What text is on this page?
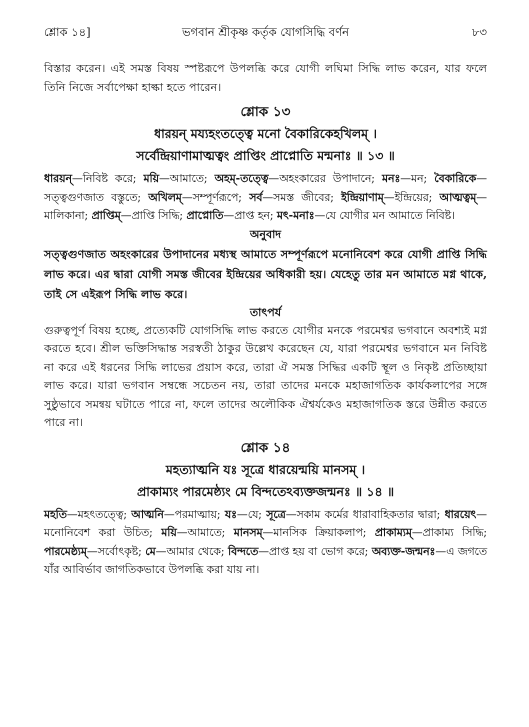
শ্লোক ১৪]	ভগবান শ্রীকৃষ্ণ কর্তৃক যোগসিদ্ধি বর্ণন	৮৩

বিস্তার করেন। এই সমস্ত বিষয় স্পষ্টরূপে উপলব্ধি করে যোগী লঘিমা সিদ্ধি লাভ করেন, যার ফলে তিনি নিজে সর্বাপেক্ষা হাল্কা হতে পারেন।

শ্লোক ১৩
ধারয়ন্ ময্যহংতত্ত্বে মনো বৈকারিকেহখিলম্ ।
সর্বেন্দ্রিয়াণামাত্মত্বং প্রাপ্তিং প্রাপ্নোতি মন্মনাঃ ॥ ১৩ ॥

ধারয়ন্—নিবিষ্ট করে; ময়ি—আমাতে; অহম্-তত্ত্বে—অহংকারের উপাদানে; মনঃ—মন; বৈকারিকে—সত্ত্বগুণজাত বস্তুতে; অখিলম্—সম্পূর্ণরূপে; সর্ব—সমস্ত জীবের; ইন্দ্রিয়াণাম্—ইন্দ্রিয়ের; আত্মত্বম্—মালিকানা; প্রাপ্তিম্—প্রাপ্তি সিদ্ধি; প্রাপ্নোতি—প্রাপ্ত হন; মৎ-মনাঃ—যে যোগীর মন আমাতে নিবিষ্ট।

অনুবাদ

সত্ত্বগুণজাত অহংকারের উপাদানের মধ্যস্থ আমাতে সম্পূর্ণরূপে মনোনিবেশ করে যোগী প্রাপ্তি সিদ্ধি লাভ করে। এর দ্বারা যোগী সমস্ত জীবের ইন্দ্রিয়ের অধিকারী হয়। যেহেতু তার মন আমাতে মগ্ন থাকে, তাই সে এইরূপ সিদ্ধি লাভ করে।

তাৎপর্য

গুরুত্বপূর্ণ বিষয় হচ্ছে, প্রত্যেকটি যোগসিদ্ধি লাভ করতে যোগীর মনকে পরমেশ্বর ভগবানে অবশ্যই মগ্ন করতে হবে। শ্রীল ভক্তিসিদ্ধান্ত সরস্বতী ঠাকুর উল্লেখ করেছেন যে, যারা পরমেশ্বর ভগবানে মন নিবিষ্ট না করে এই ধরনের সিদ্ধি লাভের প্রয়াস করে, তারা ঐ সমস্ত সিদ্ধির একটি স্থূল ও নিকৃষ্ট প্রতিচ্ছায়া লাভ করে। যারা ভগবান সম্বন্ধে সচেতন নয়, তারা তাদের মনকে মহাজাগতিক কার্যকলাপের সঙ্গে সুষ্ঠুভাবে সমন্বয় ঘটাতে পারে না, ফলে তাদের অলৌকিক ঐশ্বর্যকেও মহাজাগতিক স্তরে উন্নীত করতে পারে না।

শ্লোক ১৪
মহত্যাত্মনি যঃ সূত্রে ধারয়েন্ময়ি মানসম্ ।
প্রাকাম্যং পারমেষ্ঠ্যং মে বিন্দতেঽব্যক্তজন্মনঃ ॥ ১৪ ॥

মহতি—মহৎতত্ত্বে; আত্মনি—পরমাত্মায়; যঃ—যে; সূত্রে—সকাম কর্মের ধারাবাহিকতার দ্বারা; ধারয়েৎ—মনোনিবেশ করা উচিত; ময়ি—আমাতে; মানসম্—মানসিক ক্রিয়াকলাপ; প্রাকাম্যম্—প্রাকাম্য সিদ্ধি; পারমেষ্ঠ্যম্—সর্বোৎকৃষ্ট; মে—আমার থেকে; বিন্দতে—প্রাপ্ত হয় বা ভোগ করে; অব্যক্ত-জন্মনঃ—এ জগতে যাঁর আবির্ভাব জাগতিকভাবে উপলব্ধি করা যায় না।
